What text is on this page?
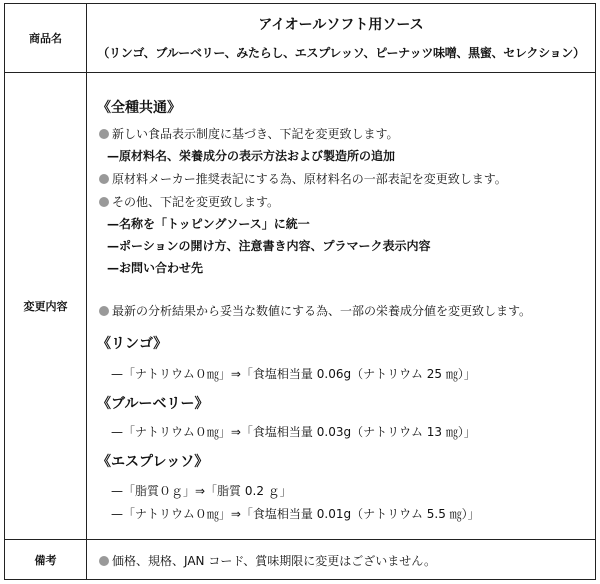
商品名
アイオールソフト用ソース
（リンゴ、ブルーベリー、みたらし、エスプレッソ、ピーナッツ味噌、黒蜜、セレクション）
変更内容
《全種共通》
新しい食品表示制度に基づき、下記を変更致します。
—原材料名、栄養成分の表示方法および製造所の追加
原材料メーカー推奨表記にする為、原材料名の一部表記を変更致します。
その他、下記を変更致します。
—名称を「トッピングソース」に統一
—ポーションの開け方、注意書き内容、プラマーク表示内容
—お問い合わせ先
最新の分析結果から妥当な数値にする為、一部の栄養成分値を変更致します。
《リンゴ》
—「ナトリウム０㎎」⇒「食塩相当量 0.06g（ナトリウム 25 ㎎）」
《ブルーベリー》
—「ナトリウム０㎎」⇒「食塩相当量 0.03g（ナトリウム 13 ㎎）」
《エスプレッソ》
—「脂質０ｇ」⇒「脂質 0.2 ｇ」
—「ナトリウム０㎎」⇒「食塩相当量 0.01g（ナトリウム 5.5 ㎎）」
備考	価格、規格、JAN コード、賞味期限に変更はございません。
